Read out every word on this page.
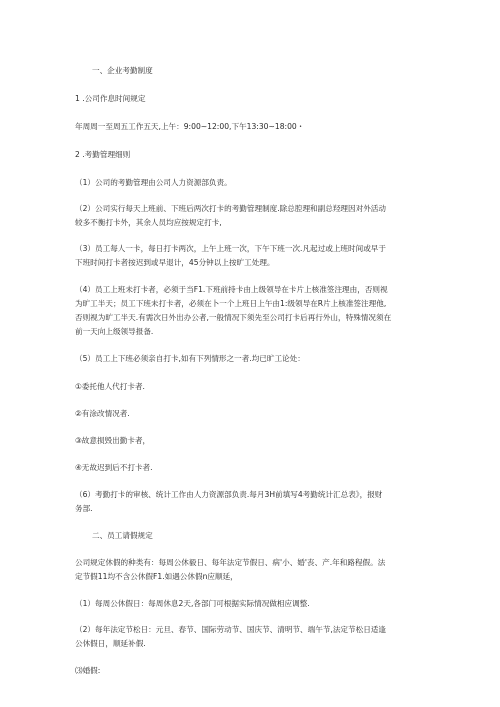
一、企业考勤制度
1 .公司作息时间规定
年周周一至周五工作五天,上午：9:00~12:00,下午13:30~18:00・
2 .考勤管理细则
（1）公司的考勤管理由公司人力资源部负责。
（2）公司实行每天上班前、下班后两次打卡的考勤管理制度.除总腔理和副总羟理因对外活动
较多不衡打卡外，其余人员均应按规定打卡,
（3）员工每人一卡，每日打卡两次，上午上班一次，下午下班一次.凡起过或上班时间或早于
下班时间打卡者按迟到或早退计，45分钟以上按旷工处理。
（4）员工上班未打卡者，必须于当F1.下班前持卡由上级领导在卡片上核准签注理由，否则视
为旷工半天；员工下班未打卡者，必须在卜一个上班日上午由1:级领导在R片上核准签注理他,
否则视为旷工半天.有需次日外出办公者,一般情况下须先至公司打卡后再行外山，特殊情况须在
前一天向上级领导报备.
（5）员工上下班必须亲自打卡,如有下列情形之一者.均已旷工论处：
①委托他人代打卡者.
②有涂改情况者.
③故意损毁出勤卡者，
④无故迟到后不打卡者.
（6）考勤打卡的审核、统计工作由人力资源部负责.每月3H前填写4考勤统计汇总表》，报财
务部.
二、员工请假规定
公司规定休假的种类有：每周公休毅日、每年法定节假日、病'小、婚'丧、产.年和路程假。法
定节假11均不含公休假F1.如遇公休假n应顺延，
（1）每周公休假日：每周休息2天,各部门可根据实际情况做相应调整.
（2）每年法定节松日：元旦、春节、国际劳动节、国庆节、清明节、端午节,法定节松日适逢
公休假日，顺延补假.
⑶婚假:
